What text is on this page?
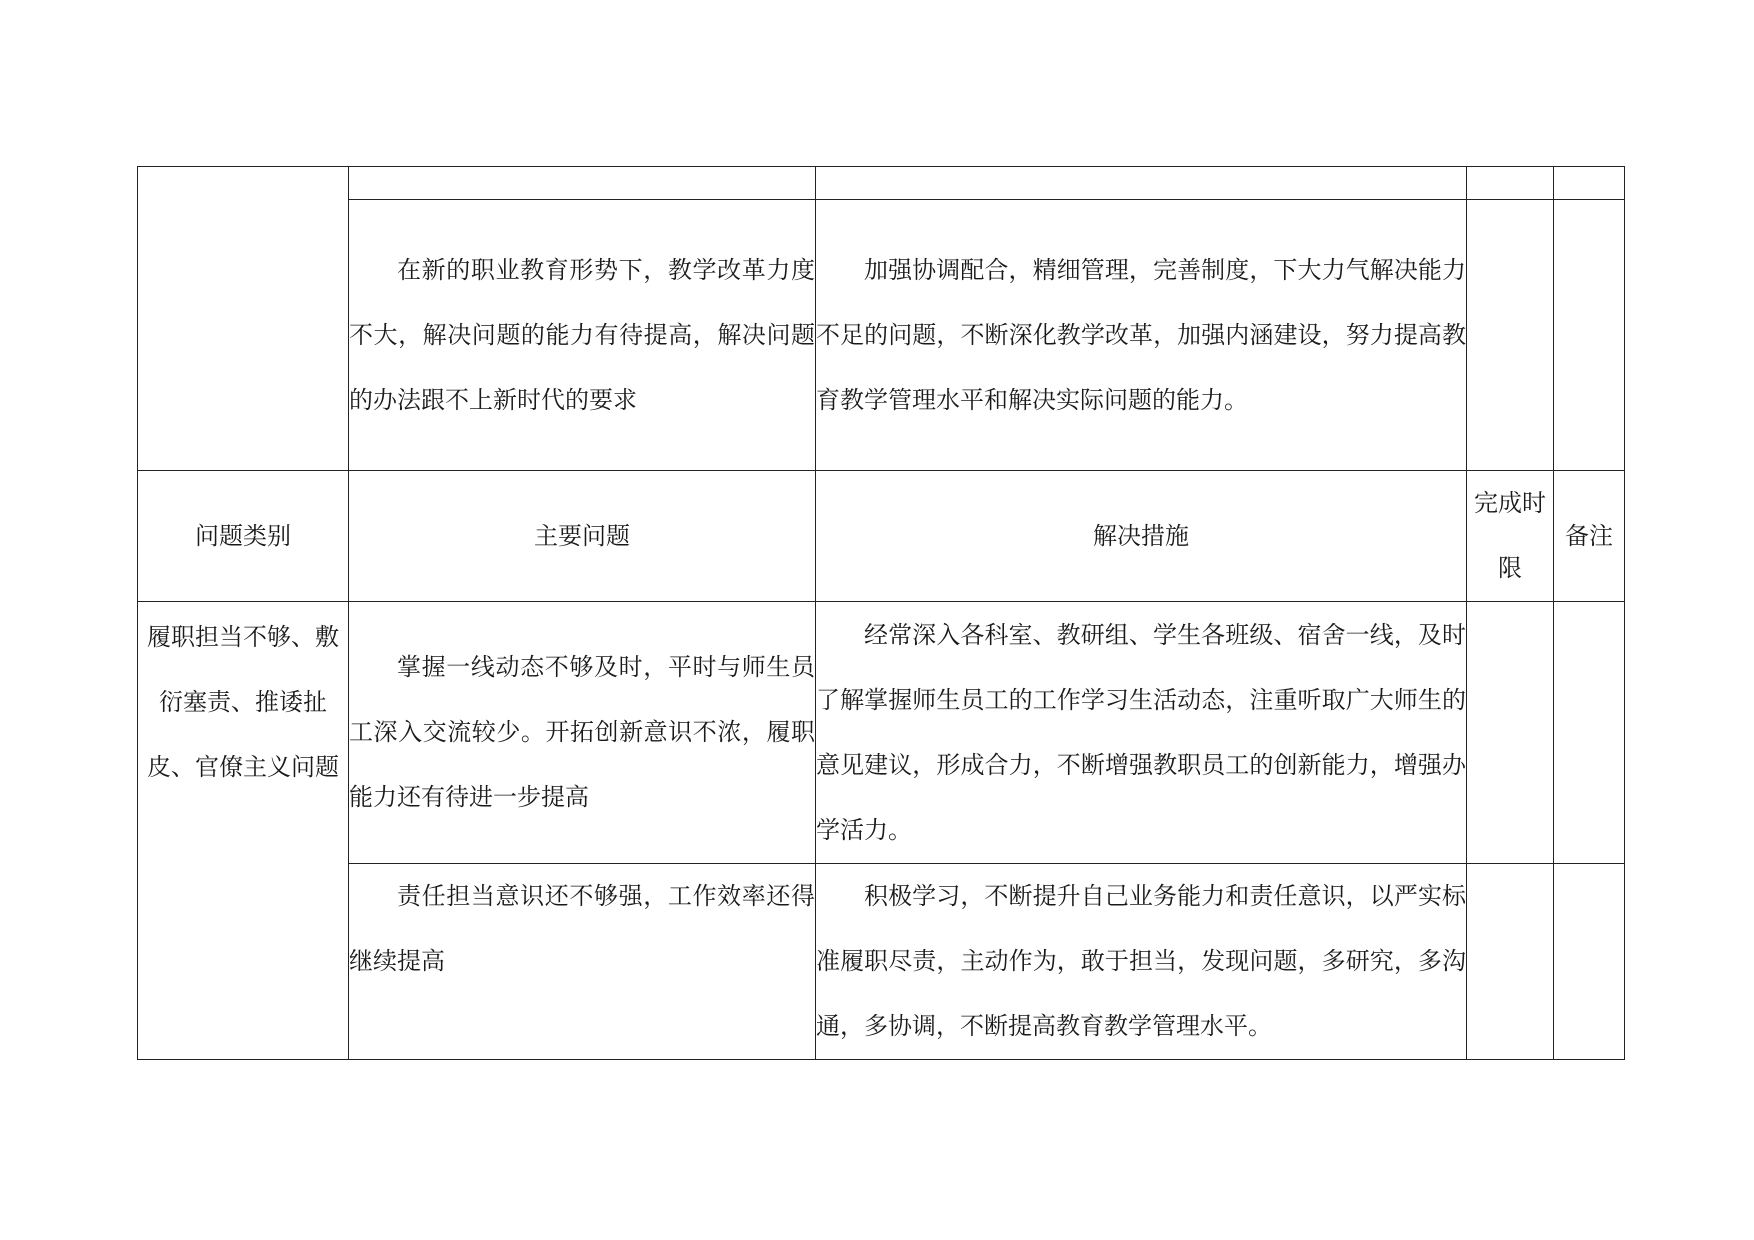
	在新的职业教育形势下，教学改革力度不大，解决问题的能力有待提高，解决问题的办法跟不上新时代的要求	加强协调配合，精细管理，完善制度，下大力气解决能力不足的问题，不断深化教学改革，加强内涵建设，努力提高教育教学管理水平和解决实际问题的能力。		
问题类别	主要问题	解决措施	完成时限	备注
履职担当不够、敷衍塞责、推诿扯皮、官僚主义问题	掌握一线动态不够及时，平时与师生员工深入交流较少。开拓创新意识不浓，履职能力还有待进一步提高	经常深入各科室、教研组、学生各班级、宿舍一线，及时了解掌握师生员工的工作学习生活动态，注重听取广大师生的意见建议，形成合力，不断增强教职员工的创新能力，增强办学活力。		
	责任担当意识还不够强，工作效率还得继续提高	积极学习，不断提升自己业务能力和责任意识，以严实标准履职尽责，主动作为，敢于担当，发现问题，多研究，多沟通，多协调，不断提高教育教学管理水平。		
